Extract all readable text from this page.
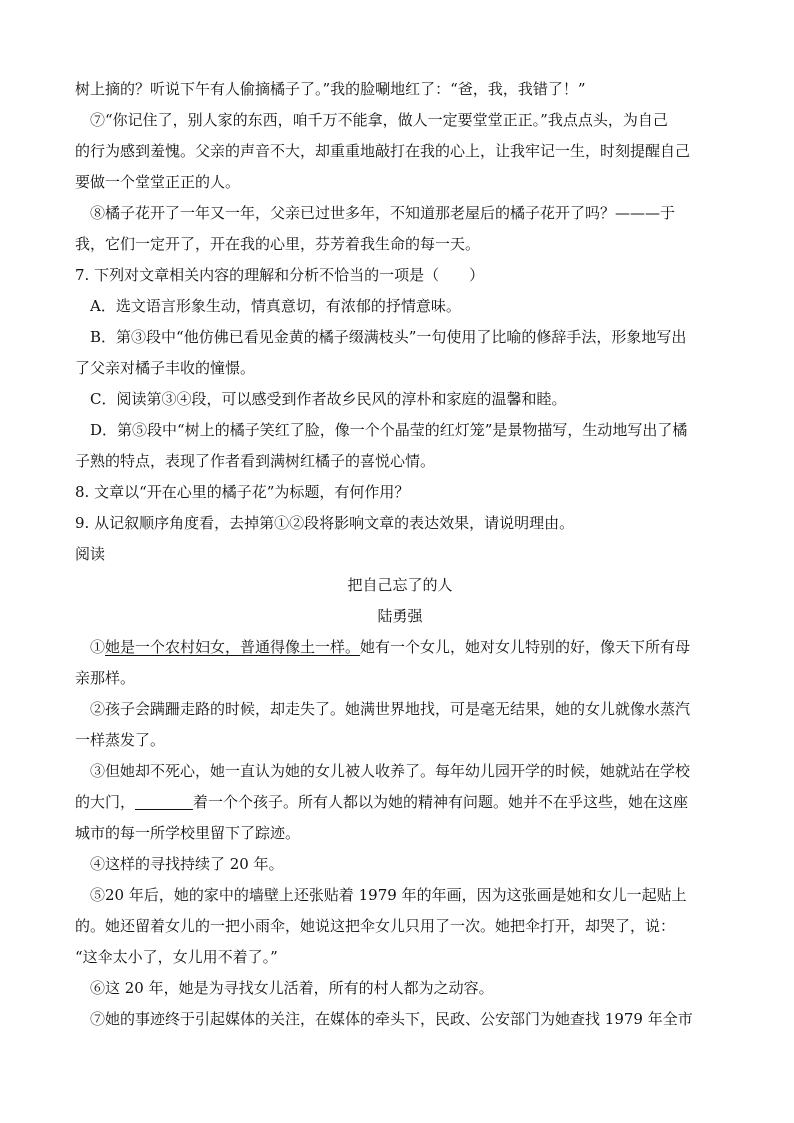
树上摘的？听说下午有人偷摘橘子了。”我的脸唰地红了：“爸，我，我错了！”
⑦“你记住了，别人家的东西，咱千万不能拿，做人一定要堂堂正正。”我点点头，为自己
的行为感到羞愧。父亲的声音不大，却重重地敲打在我的心上，让我牢记一生，时刻提醒自己
要做一个堂堂正正的人。
⑧橘子花开了一年又一年，父亲已过世多年，不知道那老屋后的橘子花开了吗？———于
我，它们一定开了，开在我的心里，芬芳着我生命的每一天。
7. 下列对文章相关内容的理解和分析不恰当的一项是（　　）
A．选文语言形象生动，情真意切，有浓郁的抒情意味。
B．第③段中“他仿佛已看见金黄的橘子缀满枝头”一句使用了比喻的修辞手法，形象地写出
了父亲对橘子丰收的憧憬。
C．阅读第③④段，可以感受到作者故乡民风的淳朴和家庭的温馨和睦。
D．第⑤段中“树上的橘子笑红了脸，像一个个晶莹的红灯笼”是景物描写，生动地写出了橘
子熟的特点，表现了作者看到满树红橘子的喜悦心情。
8. 文章以“开在心里的橘子花”为标题，有何作用？
9. 从记叙顺序角度看，去掉第①②段将影响文章的表达效果，请说明理由。
阅读
把自己忘了的人
陆勇强
①她是一个农村妇女，普通得像土一样。她有一个女儿，她对女儿特别的好，像天下所有母
亲那样。
②孩子会蹒跚走路的时候，却走失了。她满世界地找，可是毫无结果，她的女儿就像水蒸汽
一样蒸发了。
③但她却不死心，她一直认为她的女儿被人收养了。每年幼儿园开学的时候，她就站在学校
的大门，	着一个个孩子。所有人都以为她的精神有问题。她并不在乎这些，她在这座
城市的每一所学校里留下了踪迹。
④这样的寻找持续了 20 年。
⑤20 年后，她的家中的墙壁上还张贴着 1979 年的年画，因为这张画是她和女儿一起贴上
的。她还留着女儿的一把小雨伞，她说这把伞女儿只用了一次。她把伞打开，却哭了，说：
“这伞太小了，女儿用不着了。”
⑥这 20 年，她是为寻找女儿活着，所有的村人都为之动容。
⑦她的事迹终于引起媒体的关注，在媒体的牵头下，民政、公安部门为她查找 1979 年全市
